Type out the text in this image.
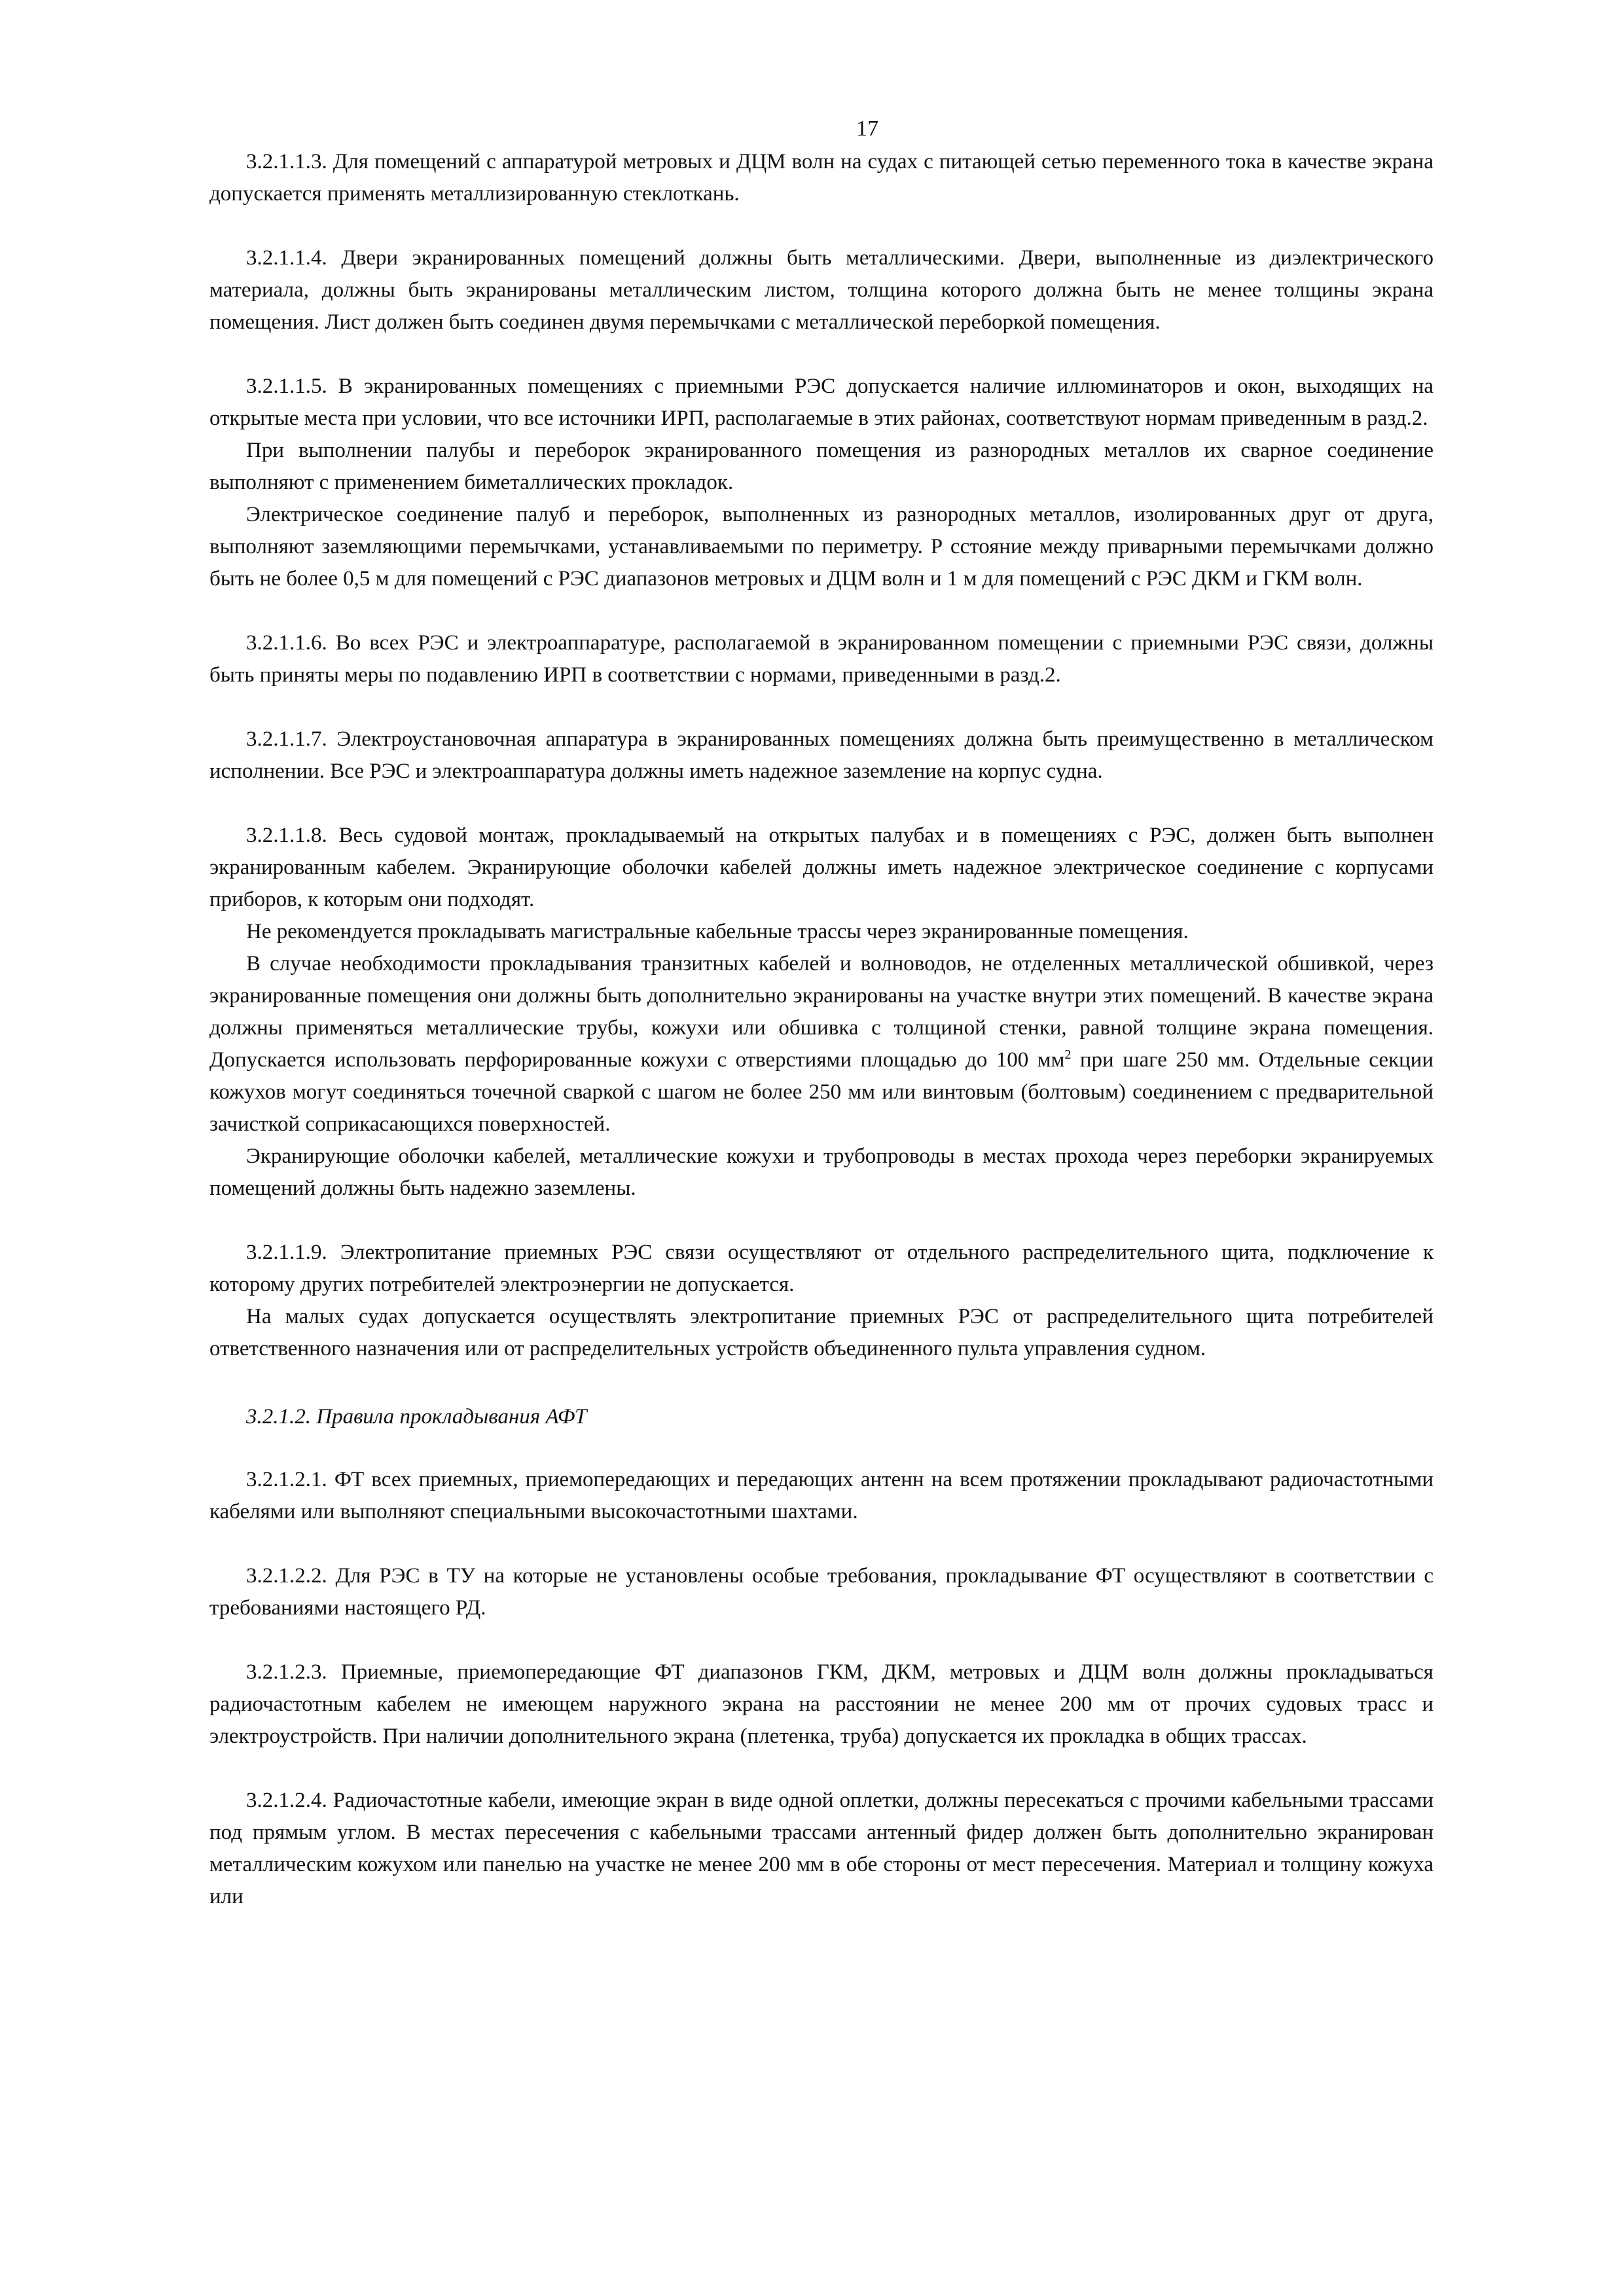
17

3.2.1.1.3. Для помещений с аппаратурой метровых и ДЦМ волн на судах с питающей сетью переменного тока в качестве экрана допускается применять металлизированную стеклоткань.

3.2.1.1.4. Двери экранированных помещений должны быть металлическими. Двери, выполненные из диэлектрического материала, должны быть экранированы металлическим листом, толщина которого должна быть не менее толщины экрана помещения. Лист должен быть соединен двумя перемычками с металлической переборкой помещения.

3.2.1.1.5. В экранированных помещениях с приемными РЭС допускается наличие иллюминаторов и окон, выходящих на открытые места при условии, что все источники ИРП, располагаемые в этих районах, соответствуют нормам приведенным в разд.2.

При выполнении палубы и переборок экранированного помещения из разнородных металлов их сварное соединение выполняют с применением биметаллических прокладок.

Электрическое соединение палуб и переборок, выполненных из разнородных металлов, изолированных друг от друга, выполняют заземляющими перемычками, устанавливаемыми по периметру. Р сстояние между приварными перемычками должно быть не более 0,5 м для помещений с РЭС диапазонов метровых и ДЦМ волн и 1 м для помещений с РЭС ДКМ и ГКМ волн.

3.2.1.1.6. Во всех РЭС и электроаппаратуре, располагаемой в экранированном помещении с приемными РЭС связи, должны быть приняты меры по подавлению ИРП в соответствии с нормами, приведенными в разд.2.

3.2.1.1.7. Электроустановочная аппаратура в экранированных помещениях должна быть преимущественно в металлическом исполнении. Все РЭС и электроаппаратура должны иметь надежное заземление на корпус судна.

3.2.1.1.8. Весь судовой монтаж, прокладываемый на открытых палубах и в помещениях с РЭС, должен быть выполнен экранированным кабелем. Экранирующие оболочки кабелей должны иметь надежное электрическое соединение с корпусами приборов, к которым они подходят.

Не рекомендуется прокладывать магистральные кабельные трассы через экранированные помещения.

В случае необходимости прокладывания транзитных кабелей и волноводов, не отделенных металлической обшивкой, через экранированные помещения они должны быть дополнительно экранированы на участке внутри этих помещений. В качестве экрана должны применяться металлические трубы, кожухи или обшивка с толщиной стенки, равной толщине экрана помещения. Допускается использовать перфорированные кожухи с отверстиями площадью до 100 $мм^2$ при шаге 250 мм. Отдельные секции кожухов могут соединяться точечной сваркой с шагом не более 250 мм или винтовым (болтовым) соединением с предварительной зачисткой соприкасающихся поверхностей.

Экранирующие оболочки кабелей, металлические кожухи и трубопроводы в местах прохода через переборки экранируемых помещений должны быть надежно заземлены.

3.2.1.1.9. Электропитание приемных РЭС связи осуществляют от отдельного распределительного щита, подключение к которому других потребителей электроэнергии не допускается.

На малых судах допускается осуществлять электропитание приемных РЭС от распределительного щита потребителей ответственного назначения или от распределительных устройств объединенного пульта управления судном.

3.2.1.2. Правила прокладывания АФТ

3.2.1.2.1. ФТ всех приемных, приемопередающих и передающих антенн на всем протяжении прокладывают радиочастотными кабелями или выполняют специальными высокочастотными шахтами.

3.2.1.2.2. Для РЭС в ТУ на которые не установлены особые требования, прокладывание ФТ осуществляют в соответствии с требованиями настоящего РД.

3.2.1.2.3. Приемные, приемопередающие ФТ диапазонов ГКМ, ДКМ, метровых и ДЦМ волн должны прокладываться радиочастотным кабелем не имеющем наружного экрана на расстоянии не менее 200 мм от прочих судовых трасс и электроустройств. При наличии дополнительного экрана (плетенка, труба) допускается их прокладка в общих трассах.

3.2.1.2.4. Радиочастотные кабели, имеющие экран в виде одной оплетки, должны пересекаться с прочими кабельными трассами под прямым углом. В местах пересечения с кабельными трассами антенный фидер должен быть дополнительно экранирован металлическим кожухом или панелью на участке не менее 200 мм в обе стороны от мест пересечения. Материал и толщину кожуха или
